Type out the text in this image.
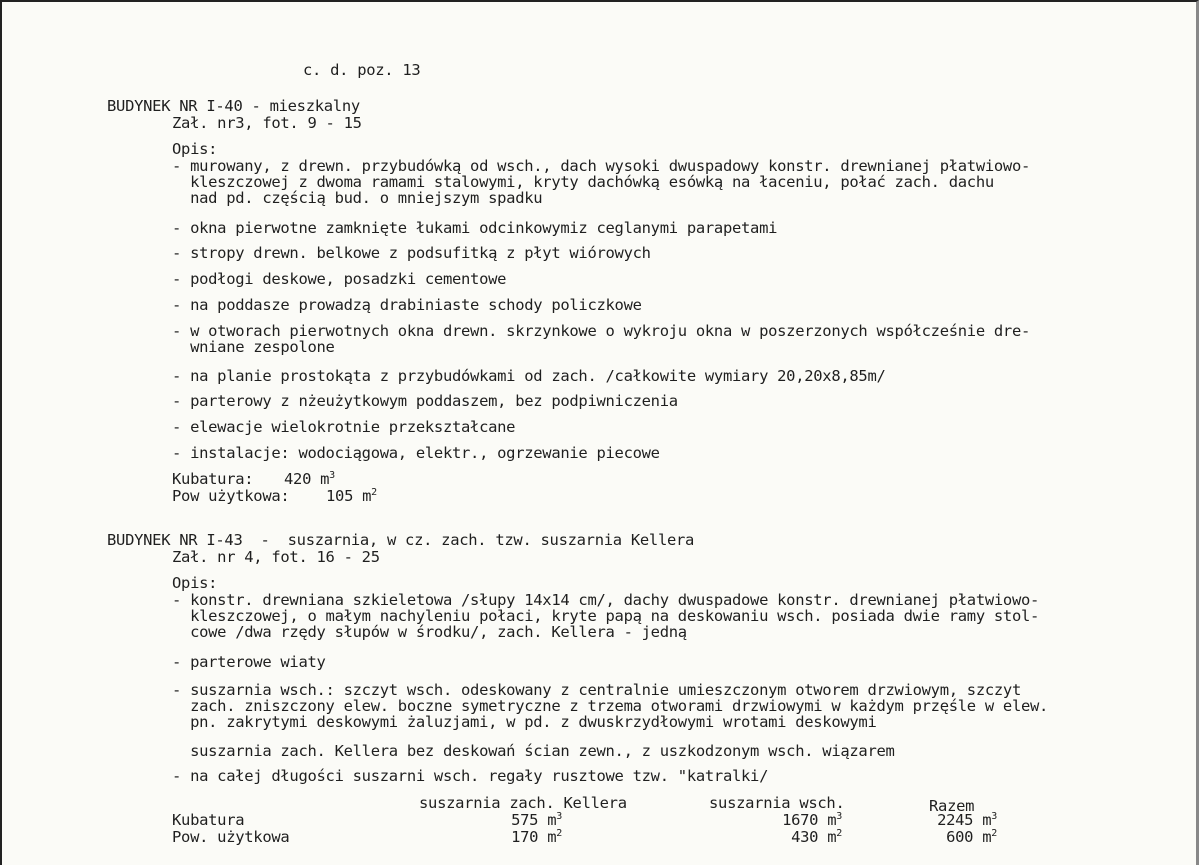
c. d. poz. 13
BUDYNEK NR I-40 - mieszkalny
Zał. nr3, fot. 9 - 15
Opis:
- murowany, z drewn. przybudówką od wsch., dach wysoki dwuspadowy konstr. drewnianej płatwiowo-
kleszczowej z dwoma ramami stalowymi, kryty dachówką esówką na łaceniu, połać zach. dachu
nad pd. częścią bud. o mniejszym spadku
- okna pierwotne zamknięte łukami odcinkowymiz ceglanymi parapetami
- stropy drewn. belkowe z podsufitką z płyt wiórowych
- podłogi deskowe, posadzki cementowe
- na poddasze prowadzą drabiniaste schody policzkowe
- w otworach pierwotnych okna drewn. skrzynkowe o wykroju okna w poszerzonych współcześnie dre-
wniane zespolone
- na planie prostokąta z przybudówkami od zach. /całkowite wymiary 20,20x8,85m/
- parterowy z nżeużytkowym poddaszem, bez podpiwniczenia
- elewacje wielokrotnie przekształcane
- instalacje: wodociągowa, elektr., ogrzewanie piecowe
Kubatura: 420 $m^3$
Pow użytkowa: 105 $m^2$
BUDYNEK NR I-43  -  suszarnia, w cz. zach. tzw. suszarnia Kellera
Zał. nr 4, fot. 16 - 25
Opis:
- konstr. drewniana szkieletowa /słupy 14x14 cm/, dachy dwuspadowe konstr. drewnianej płatwiowo-
kleszczowej, o małym nachyleniu połaci, kryte papą na deskowaniu wsch. posiada dwie ramy stol-
cowe /dwa rzędy słupów w środku/, zach. Kellera - jedną
- parterowe wiaty
- suszarnia wsch.: szczyt wsch. odeskowany z centralnie umieszczonym otworem drzwiowym, szczyt
zach. zniszczony elew. boczne symetryczne z trzema otworami drzwiowymi w każdym przęśle w elew.
pn. zakrytymi deskowymi żaluzjami, w pd. z dwuskrzydłowymi wrotami deskowymi
suszarnia zach. Kellera bez deskowań ścian zewn., z uszkodzonym wsch. wiązarem
- na całej długości suszarni wsch. regały rusztowe tzw. "katralki/
suszarnia zach. Kellera	suszarnia wsch.	Razem
Kubatura	575 $m^3$	1670 $m^3$	2245 $m^3$
Pow. użytkowa	170 $m^2$	430 $m^2$	600 $m^2$
